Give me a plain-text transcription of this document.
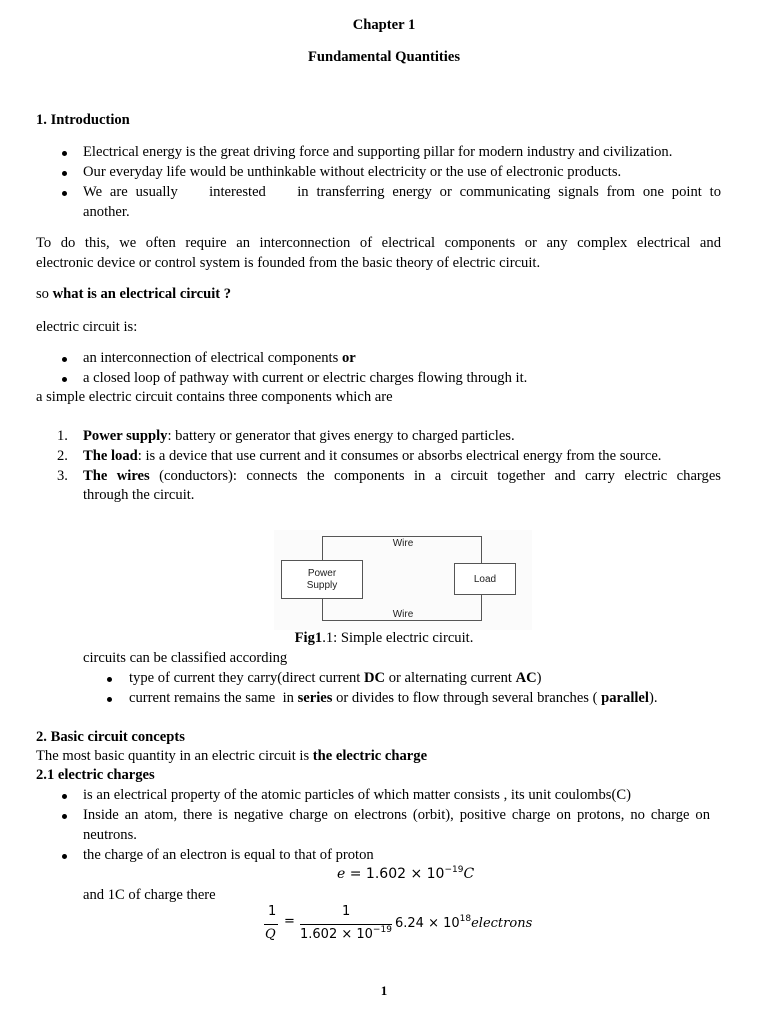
Chapter 1
Fundamental Quantities
1. Introduction
Electrical energy is the great driving force and supporting pillar for modern industry and civilization.
Our everyday life would be unthinkable without electricity or the use of electronic products.
We are usually    interested    in transferring energy or communicating signals from one point to
another.
To do this, we often require an interconnection of electrical components or any complex electrical and
electronic device or control system is founded from the basic theory of electric circuit.
so what is an electrical circuit ?
electric circuit is:
an interconnection of electrical components or
a closed loop of pathway with current or electric charges flowing through it.
a simple electric circuit contains three components which are
1. Power supply: battery or generator that gives energy to charged particles.
2. The load: is a device that use current and it consumes or absorbs electrical energy from the source.
3. The wires (conductors): connects the components in a circuit together and carry electric charges
through the circuit.
Wire
Power
Supply
Load
Wire
Fig1.1: Simple electric circuit.
circuits can be classified according
type of current they carry(direct current DC or alternating current AC)
current remains the same  in series or divides to flow through several branches ( parallel).
2. Basic circuit concepts
The most basic quantity in an electric circuit is the electric charge
2.1 electric charges
is an electrical property of the atomic particles of which matter consists , its unit coulombs(C)
Inside an atom, there is negative charge on electrons (orbit), positive charge on protons, no charge on
neutrons.
the charge of an electron is equal to that of proton
$e = 1.602 \times 10^{-19}C$
and 1C of charge there
1
Q
=
1
$1.602 \times 10^{-19}$ $6.24 \times 10^{18}electrons$
1
